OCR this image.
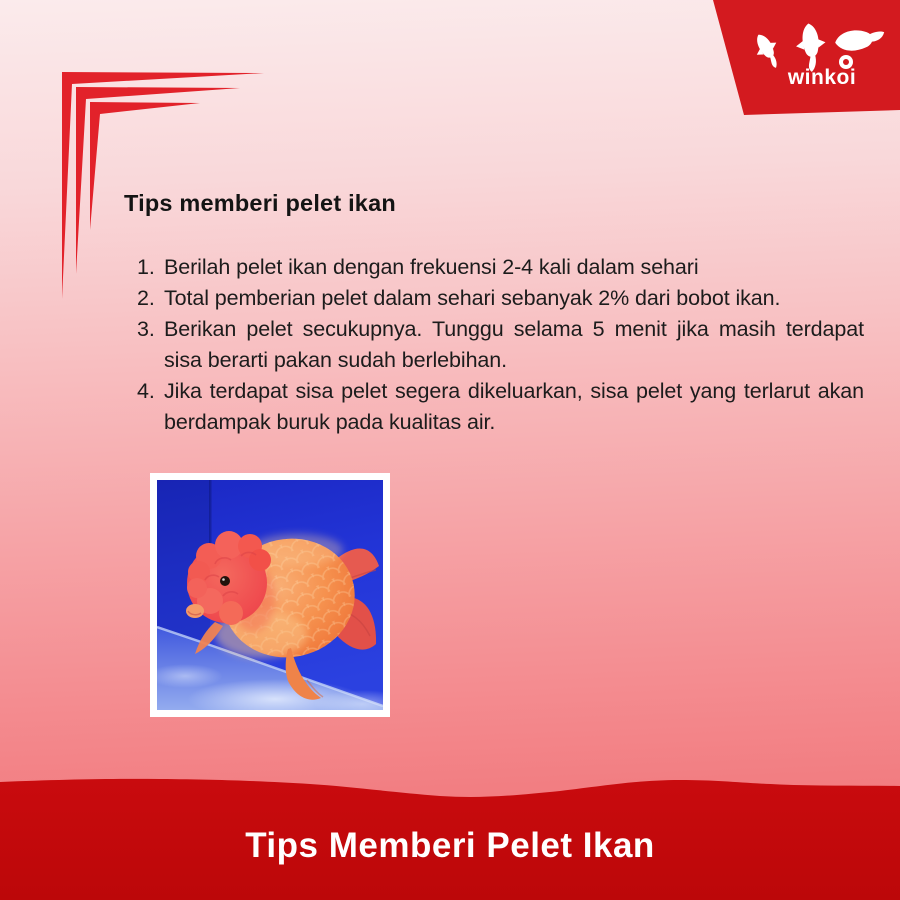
winkoi
Tips memberi pelet ikan
1. Berilah pelet ikan dengan frekuensi 2-4 kali dalam sehari
2. Total pemberian pelet dalam sehari sebanyak 2% dari bobot ikan.
3. Berikan pelet secukupnya. Tunggu selama 5 menit jika masih terdapat sisa berarti pakan sudah berlebihan.
4. Jika terdapat sisa pelet segera dikeluarkan, sisa pelet yang terlarut akan berdampak buruk pada kualitas air.
Tips Memberi Pelet Ikan
